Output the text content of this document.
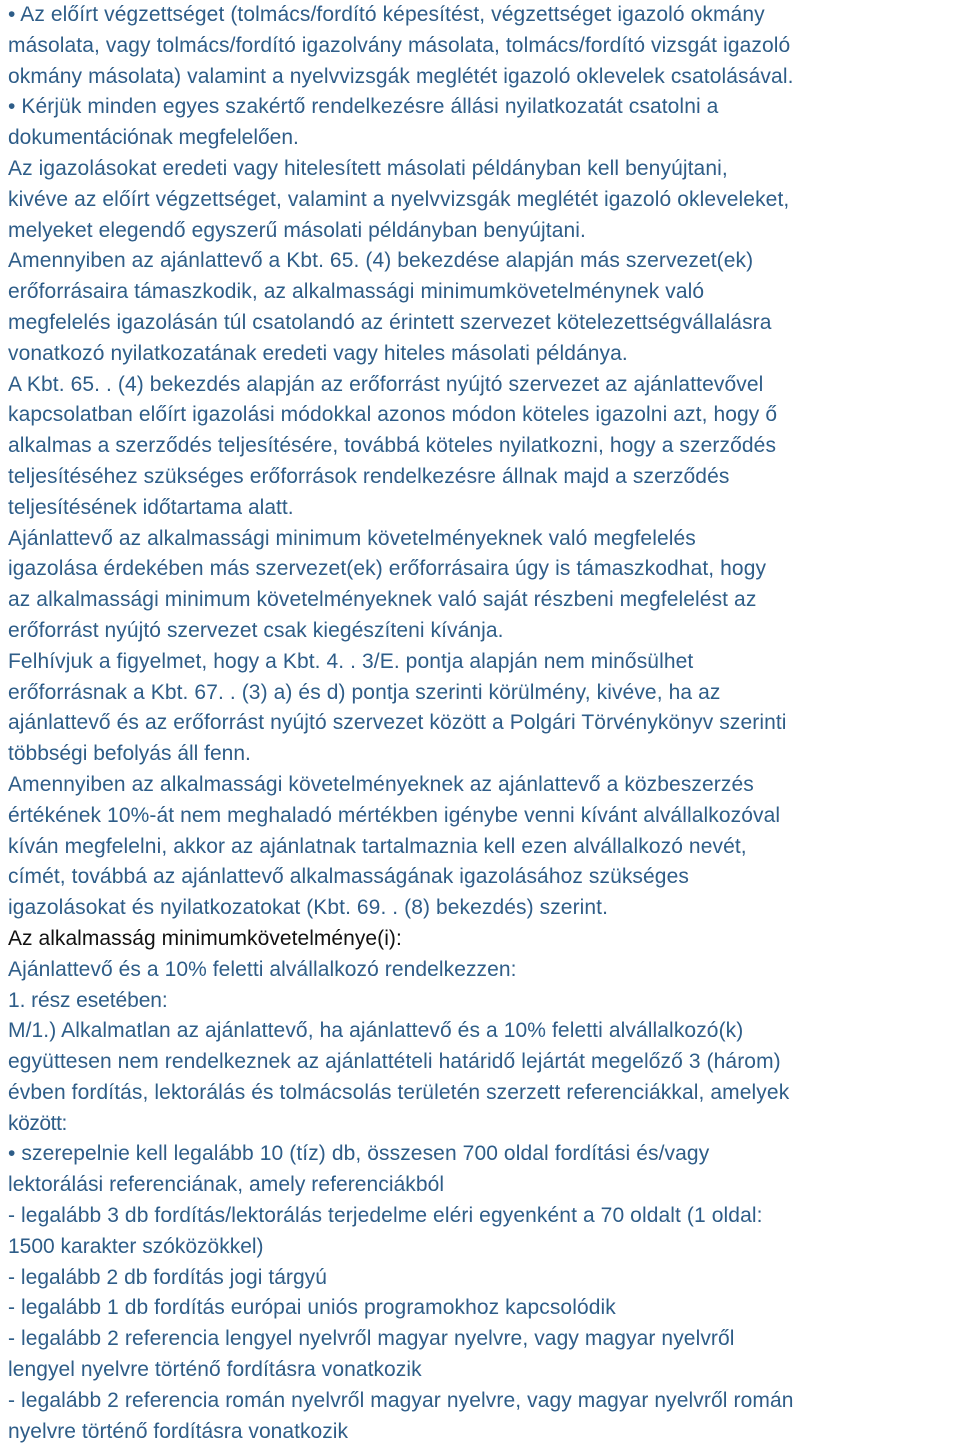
• Az előírt végzettséget (tolmács/fordító képesítést, végzettséget igazoló okmány

másolata, vagy tolmács/fordító igazolvány másolata, tolmács/fordító vizsgát igazoló

okmány másolata) valamint a nyelvvizsgák meglétét igazoló oklevelek csatolásával.

• Kérjük minden egyes szakértő rendelkezésre állási nyilatkozatát csatolni a

dokumentációnak megfelelően.

Az igazolásokat eredeti vagy hitelesített másolati példányban kell benyújtani,

kivéve az előírt végzettséget, valamint a nyelvvizsgák meglétét igazoló okleveleket,

melyeket elegendő egyszerű másolati példányban benyújtani.

Amennyiben az ajánlattevő a Kbt. 65. (4) bekezdése alapján más szervezet(ek)

erőforrásaira támaszkodik, az alkalmassági minimumkövetelménynek való

megfelelés igazolásán túl csatolandó az érintett szervezet kötelezettségvállalásra

vonatkozó nyilatkozatának eredeti vagy hiteles másolati példánya.

A Kbt. 65. . (4) bekezdés alapján az erőforrást nyújtó szervezet az ajánlattevővel

kapcsolatban előírt igazolási módokkal azonos módon köteles igazolni azt, hogy ő

alkalmas a szerződés teljesítésére, továbbá köteles nyilatkozni, hogy a szerződés

teljesítéséhez szükséges erőforrások rendelkezésre állnak majd a szerződés

teljesítésének időtartama alatt.

Ajánlattevő az alkalmassági minimum követelményeknek való megfelelés

igazolása érdekében más szervezet(ek) erőforrásaira úgy is támaszkodhat, hogy

az alkalmassági minimum követelményeknek való saját részbeni megfelelést az

erőforrást nyújtó szervezet csak kiegészíteni kívánja.

Felhívjuk a figyelmet, hogy a Kbt. 4. . 3/E. pontja alapján nem minősülhet

erőforrásnak a Kbt. 67. . (3) a) és d) pontja szerinti körülmény, kivéve, ha az

ajánlattevő és az erőforrást nyújtó szervezet között a Polgári Törvénykönyv szerinti

többségi befolyás áll fenn.

Amennyiben az alkalmassági követelményeknek az ajánlattevő a közbeszerzés

értékének 10%-át nem meghaladó mértékben igénybe venni kívánt alvállalkozóval

kíván megfelelni, akkor az ajánlatnak tartalmaznia kell ezen alvállalkozó nevét,

címét, továbbá az ajánlattevő alkalmasságának igazolásához szükséges

igazolásokat és nyilatkozatokat (Kbt. 69. . (8) bekezdés) szerint.

Az alkalmasság minimumkövetelménye(i):

Ajánlattevő és a 10% feletti alvállalkozó rendelkezzen:

1. rész esetében:

M/1.) Alkalmatlan az ajánlattevő, ha ajánlattevő és a 10% feletti alvállalkozó(k)

együttesen nem rendelkeznek az ajánlattételi határidő lejártát megelőző 3 (három)

évben fordítás, lektorálás és tolmácsolás területén szerzett referenciákkal, amelyek

között:

• szerepelnie kell legalább 10 (tíz) db, összesen 700 oldal fordítási és/vagy

lektorálási referenciának, amely referenciákból

- legalább 3 db fordítás/lektorálás terjedelme eléri egyenként a 70 oldalt (1 oldal:

1500 karakter szóközökkel)

- legalább 2 db fordítás jogi tárgyú

- legalább 1 db fordítás európai uniós programokhoz kapcsolódik

- legalább 2 referencia lengyel nyelvről magyar nyelvre, vagy magyar nyelvről

lengyel nyelvre történő fordításra vonatkozik

- legalább 2 referencia román nyelvről magyar nyelvre, vagy magyar nyelvről román

nyelvre történő fordításra vonatkozik
